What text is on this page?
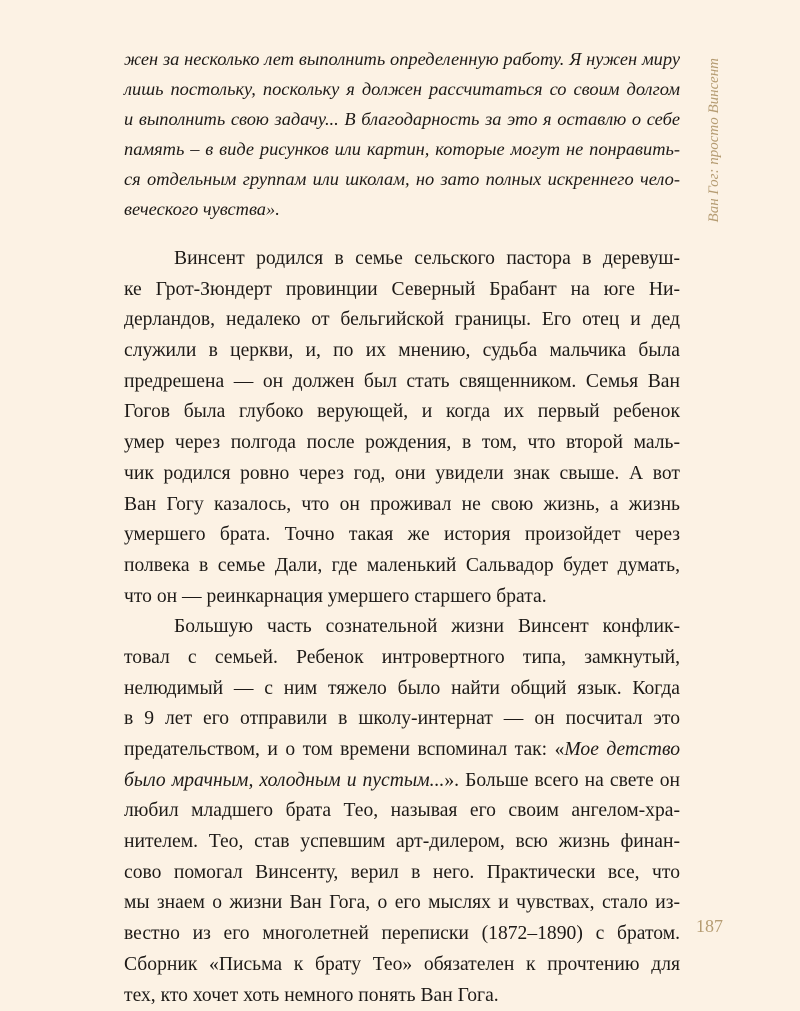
жен за несколько лет выполнить определенную работу. Я нужен миру
лишь постольку, поскольку я должен рассчитаться со своим долгом
и выполнить свою задачу... В благодарность за это я оставлю о себе
память – в виде рисунков или картин, которые могут не понравить-
ся отдельным группам или школам, но зато полных искреннего чело-
веческого чувства».
Винсент родился в семье сельского пастора в деревуш-
ке Грот-Зюндерт провинции Северный Брабант на юге Ни-
дерландов, недалеко от бельгийской границы. Его отец и дед
служили в церкви, и, по их мнению, судьба мальчика была
предрешена — он должен был стать священником. Семья Ван
Гогов была глубоко верующей, и когда их первый ребенок
умер через полгода после рождения, в том, что второй маль-
чик родился ровно через год, они увидели знак свыше. А вот
Ван Гогу казалось, что он проживал не свою жизнь, а жизнь
умершего брата. Точно такая же история произойдет через
полвека в семье Дали, где маленький Сальвадор будет думать,
что он — реинкарнация умершего старшего брата.
Большую часть сознательной жизни Винсент конфлик-
товал с семьей. Ребенок интровертного типа, замкнутый,
нелюдимый — с ним тяжело было найти общий язык. Когда
в 9 лет его отправили в школу-интернат — он посчитал это
предательством, и о том времени вспоминал так: «Мое детство
было мрачным, холодным и пустым...». Больше всего на свете он
любил младшего брата Тео, называя его своим ангелом-хра-
нителем. Тео, став успевшим арт-дилером, всю жизнь финан-
сово помогал Винсенту, верил в него. Практически все, что
мы знаем о жизни Ван Гога, о его мыслях и чувствах, стало из-
вестно из его многолетней переписки (1872–1890) с братом.
Сборник «Письма к брату Тео» обязателен к прочтению для
тех, кто хочет хоть немного понять Ван Гога.
Ван Гог: просто Винсент
187
